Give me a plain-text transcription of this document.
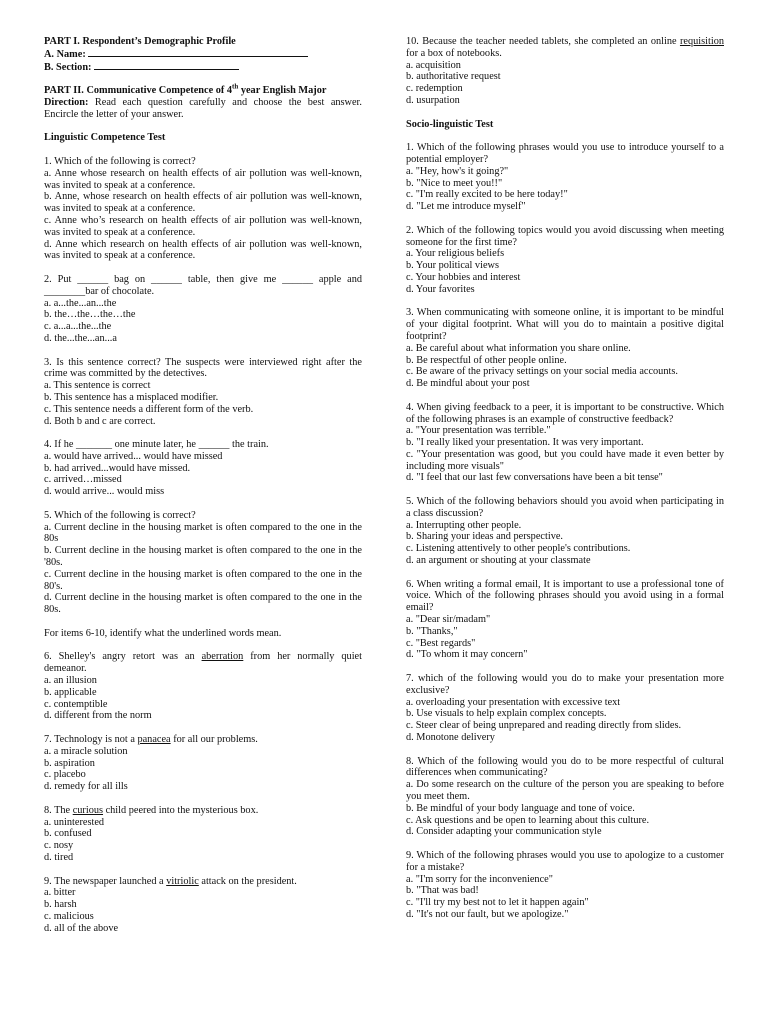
PART I. Respondent’s Demographic Profile

A. Name:

B. Section:

PART II. Communicative Competence of 4th year English Major

Direction: Read each question carefully and choose the best answer. Encircle the letter of your answer.

Linguistic Competence Test

1. Which of the following is correct?

a. Anne whose research on health effects of air pollution was well-known, was invited to speak at a conference.

b. Anne, whose research on health effects of air pollution was well-known, was invited to speak at a conference.

c. Anne who’s research on health effects of air pollution was well-known, was invited to speak at a conference.

d. Anne which research on health effects of air pollution was well-known, was invited to speak at a conference.

2. Put ______ bag on ______ table, then give me ______ apple and ________bar of chocolate.

a. a...the...an...the

b. the…the…the…the

c. a...a...the...the

d. the...the...an...a

3. Is this sentence correct? The suspects were interviewed right after the crime was committed by the detectives.

a. This sentence is correct

b. This sentence has a misplaced modifier.

c. This sentence needs a different form of the verb.

d. Both b and c are correct.

4. If he _______ one minute later, he ______ the train.

a. would have arrived... would have missed

b. had arrived...would have missed.

c. arrived…missed

d. would arrive... would miss

5. Which of the following is correct?

a. Current decline in the housing market is often compared to the one in the 80s

b. Current decline in the housing market is often compared to the one in the '80s.

c. Current decline in the housing market is often compared to the one in the 80's.

d. Current decline in the housing market is often compared to the one in the 80s.

For items 6-10, identify what the underlined words mean.

6. Shelley's angry retort was an aberration from her normally quiet demeanor.

a. an illusion

b. applicable

c. contemptible

d. different from the norm

7. Technology is not a panacea for all our problems.

a. a miracle solution

b. aspiration

c. placebo

d. remedy for all ills

8. The curious child peered into the mysterious box.

a. uninterested

b. confused

c. nosy

d. tired

9. The newspaper launched a vitriolic attack on the president.

a. bitter

b. harsh

c. malicious

d. all of the above

10. Because the teacher needed tablets, she completed an online requisition for a box of notebooks.

a. acquisition

b. authoritative request

c. redemption

d. usurpation

Socio-linguistic Test

1. Which of the following phrases would you use to introduce yourself to a potential employer?

a. "Hey, how's it going?"

b. "Nice to meet you!!"

c. "I'm really excited to be here today!"

d. "Let me introduce myself"

2. Which of the following topics would you avoid discussing when meeting someone for the first time?

a. Your religious beliefs

b. Your political views

c. Your hobbies and interest

d. Your favorites

3. When communicating with someone online, it is important to be mindful of your digital footprint. What will you do to maintain a positive digital footprint?

a. Be careful about what information you share online.

b. Be respectful of other people online.

c. Be aware of the privacy settings on your social media accounts.

d. Be mindful about your post

4. When giving feedback to a peer, it is important to be constructive. Which of the following phrases is an example of constructive feedback?

a. "Your presentation was terrible."

b. "I really liked your presentation. It was very important.

c. "Your presentation was good, but you could have made it even better by including more visuals"

d. "I feel that our last few conversations have been a bit tense"

5. Which of the following behaviors should you avoid when participating in a class discussion?

a. Interrupting other people.

b. Sharing your ideas and perspective.

c. Listening attentively to other people's contributions.

d. an argument or shouting at your classmate

6. When writing a formal email, It is important to use a professional tone of voice. Which of the following phrases should you avoid using in a formal email?

a. "Dear sir/madam"

b. "Thanks,"

c. "Best regards"

d. "To whom it may concern"

7. which of the following would you do to make your presentation more exclusive?

a. overloading your presentation with excessive text

b. Use visuals to help explain complex concepts.

c. Steer clear of being unprepared and reading directly from slides.

d. Monotone delivery

8. Which of the following would you do to be more respectful of cultural differences when communicating?

a. Do some research on the culture of the person you are speaking to before you meet them.

b. Be mindful of your body language and tone of voice.

c. Ask questions and be open to learning about this culture.

d. Consider adapting your communication style

9. Which of the following phrases would you use to apologize to a customer for a mistake?

a. "I'm sorry for the inconvenience"

b. "That was bad!

c. "I'll try my best not to let it happen again"

d. "It's not our fault, but we apologize."
